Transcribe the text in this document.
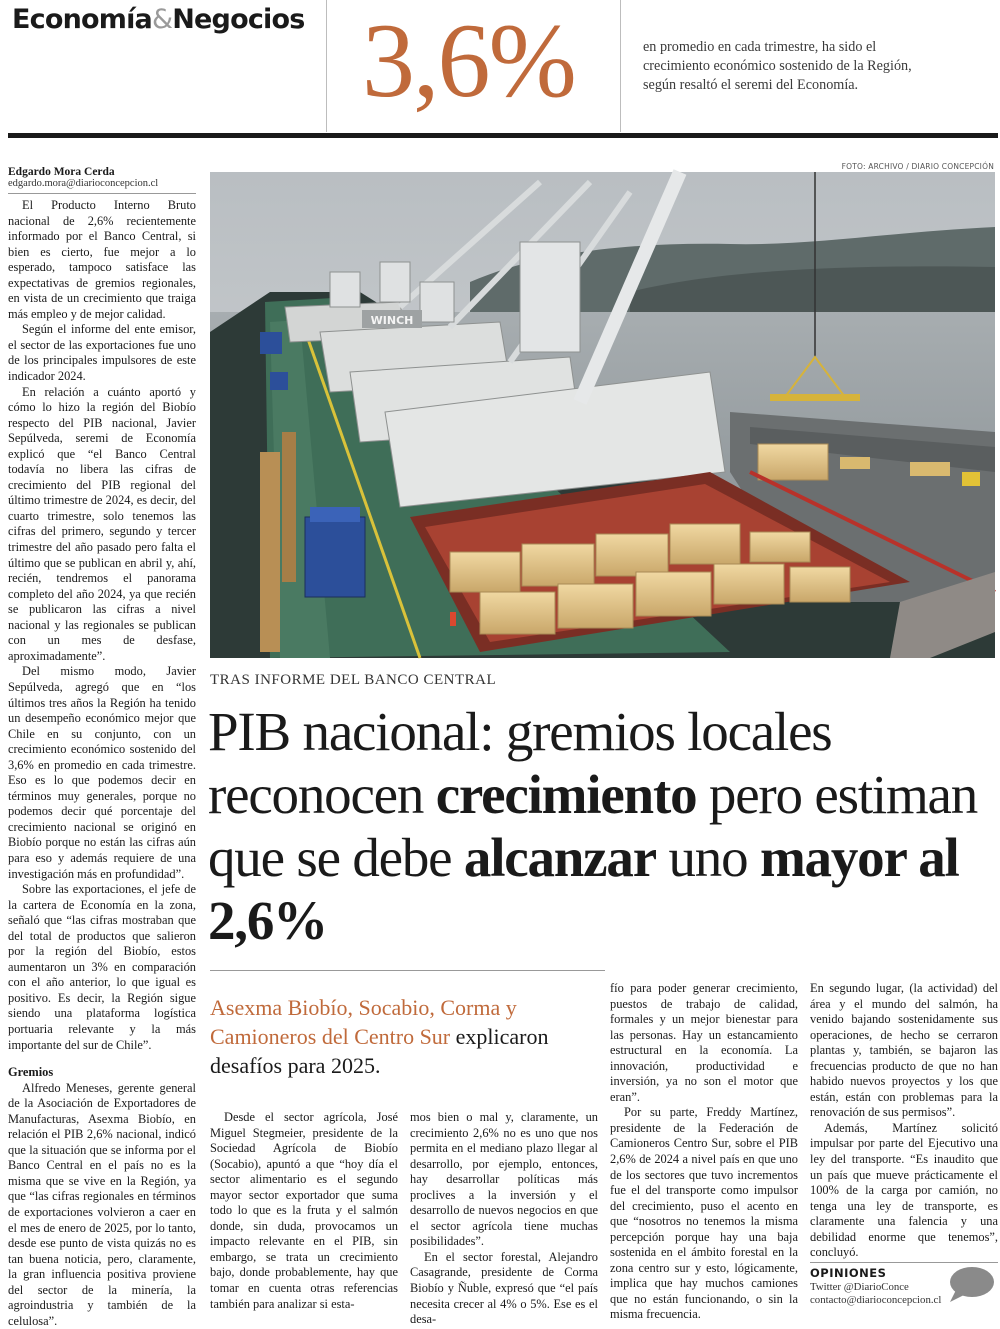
Economía&Negocios 3,6%	en promedio en cada trimestre, ha sido el crecimiento económico sostenido de la Región, según resaltó el seremi del Economía.
Edgardo Mora Cerda
edgardo.mora@diarioconcepcion.cl

El Producto Interno Bruto nacional de 2,6% recientemente informado por el Banco Central, si bien es cierto, fue mejor a lo esperado, tampoco satisface las expectativas de gremios regionales, en vista de un crecimiento que traiga más empleo y de mejor calidad.

Según el informe del ente emisor, el sector de las exportaciones fue uno de los principales impulsores de este indicador 2024.

En relación a cuánto aportó y cómo lo hizo la región del Biobío respecto del PIB nacional, Javier Sepúlveda, seremi de Economía explicó que “el Banco Central todavía no libera las cifras de crecimiento del PIB regional del último trimestre de 2024, es decir, del cuarto trimestre, solo tenemos las cifras del primero, segundo y tercer trimestre del año pasado pero falta el último que se publican en abril y, ahí, recién, tendremos el panorama completo del año 2024, ya que recién se publicaron las cifras a nivel nacional y las regionales se publican con un mes de desfase, aproximadamente”.

Del mismo modo, Javier Sepúlveda, agregó que en “los últimos tres años la Región ha tenido un desempeño económico mejor que Chile en su conjunto, con un crecimiento económico sostenido del 3,6% en promedio en cada trimestre. Eso es lo que podemos decir en términos muy generales, porque no podemos decir qué porcentaje del crecimiento nacional se originó en Biobío porque no están las cifras aún para eso y además requiere de una investigación más en profundidad”.

Sobre las exportaciones, el jefe de la cartera de Economía en la zona, señaló que “las cifras mostraban que del total de productos que salieron por la región del Biobío, estos aumentaron un 3% en comparación con el año anterior, lo que igual es positivo. Es decir, la Región sigue siendo una plataforma logística portuaria relevante y la más importante del sur de Chile”.

Gremios

Alfredo Meneses, gerente general de la Asociación de Exportadores de Manufacturas, Asexma Biobío, en relación el PIB 2,6% nacional, indicó que la situación que se informa por el Banco Central en el país no es la misma que se vive en la Región, ya que “las cifras regionales en términos de exportaciones volvieron a caer en el mes de enero de 2025, por lo tanto, desde ese punto de vista quizás no es tan buena noticia, pero, claramente, la gran influencia positiva proviene del sector de la minería, la agroindustria y también de la celulosa”.

FOTO: ARCHIVO / DIARIO CONCEPCIÓN
WINCH
TRAS INFORME DEL BANCO CENTRAL
PIB nacional: gremios locales reconocen crecimiento pero estiman que se debe alcanzar uno mayor al 2,6%
Asexma Biobío, Socabio, Corma y Camioneros del Centro Sur explicaron desafíos para 2025.

Desde el sector agrícola, José Miguel Stegmeier, presidente de la Sociedad Agrícola de Biobío (Socabio), apuntó a que “hoy día el sector alimentario es el segundo mayor sector exportador que suma todo lo que es la fruta y el salmón donde, sin duda, provocamos un impacto relevante en el PIB, sin embargo, se trata un crecimiento bajo, donde probablemente, hay que tomar en cuenta otras referencias también para analizar si esta-

mos bien o mal y, claramente, un crecimiento 2,6% no es uno que nos permita en el mediano plazo llegar al desarrollo, por ejemplo, entonces, hay desarrollar políticas más proclives a la inversión y el desarrollo de nuevos negocios en que el sector agrícola tiene muchas posibilidades”.

En el sector forestal, Alejandro Casagrande, presidente de Corma Biobío y Ñuble, expresó que “el país necesita crecer al 4% o 5%. Ese es el desa-

fío para poder generar crecimiento, puestos de trabajo de calidad, formales y un mejor bienestar para las personas. Hay un estancamiento estructural en la economía. La innovación, productividad e inversión, ya no son el motor que eran”.

Por su parte, Freddy Martínez, presidente de la Federación de Camioneros Centro Sur, sobre el PIB 2,6% de 2024 a nivel país en que uno de los sectores que tuvo incrementos fue el del transporte como impulsor del crecimiento, puso el acento en que “nosotros no tenemos la misma percepción porque hay una baja sostenida en el ámbito forestal en la zona centro sur y esto, lógicamente, implica que hay muchos camiones que no están funcionando, o sin la misma frecuencia.

En segundo lugar, (la actividad) del área y el mundo del salmón, ha venido bajando sostenidamente sus operaciones, de hecho se cerraron plantas y, también, se bajaron las frecuencias producto de que no han habido nuevos proyectos y los que están, están con problemas para la renovación de sus permisos”.

Además, Martínez solicitó impulsar por parte del Ejecutivo una ley del transporte. “Es inaudito que un país que mueve prácticamente el 100% de la carga por camión, no tenga una ley de transporte, es claramente una falencia y una debilidad enorme que tenemos”, concluyó.

OPINIONES
Twitter @DiarioConce
contacto@diarioconcepcion.cl
